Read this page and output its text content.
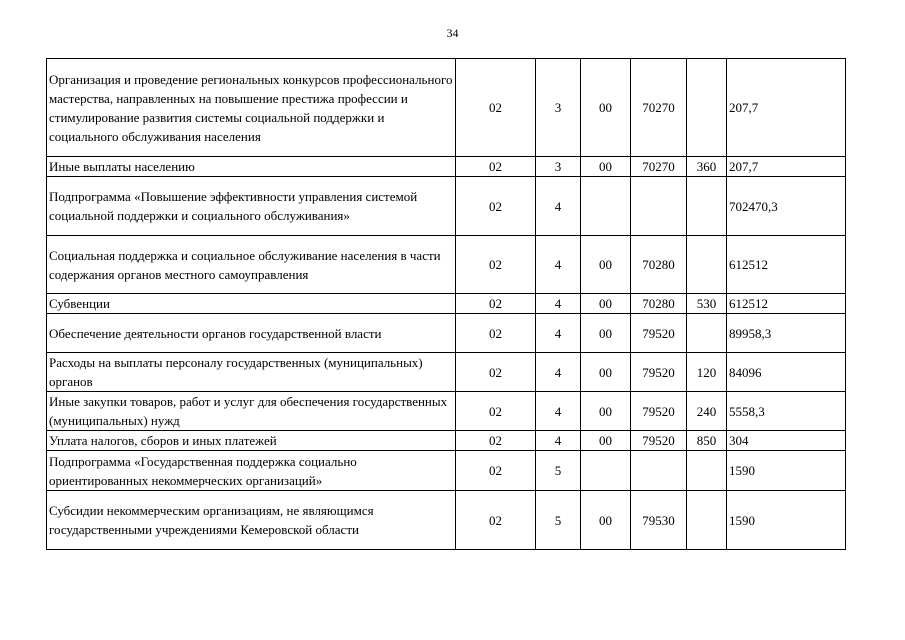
34
Организация и проведение региональных конкурсов профессионального мастерства, направленных на повышение престижа профессии и стимулирование развития системы социальной поддержки и социального обслуживания населения	02	3	00	70270		207,7
Иные выплаты населению	02	3	00	70270	360	207,7
Подпрограмма «Повышение эффективности управления системой социальной поддержки и социального обслуживания»	02	4				702470,3
Социальная поддержка и социальное обслуживание населения в части содержания органов местного самоуправления	02	4	00	70280		612512
Субвенции	02	4	00	70280	530	612512
Обеспечение деятельности органов государственной власти	02	4	00	79520		89958,3
Расходы на выплаты персоналу государственных (муниципальных) органов	02	4	00	79520	120	84096
Иные закупки товаров, работ и услуг для обеспечения государственных (муниципальных) нужд	02	4	00	79520	240	5558,3
Уплата налогов, сборов и иных платежей	02	4	00	79520	850	304
Подпрограмма «Государственная поддержка социально ориентированных некоммерческих организаций»	02	5				1590
Субсидии некоммерческим организациям, не являющимся государственными учреждениями Кемеровской области	02	5	00	79530		1590
